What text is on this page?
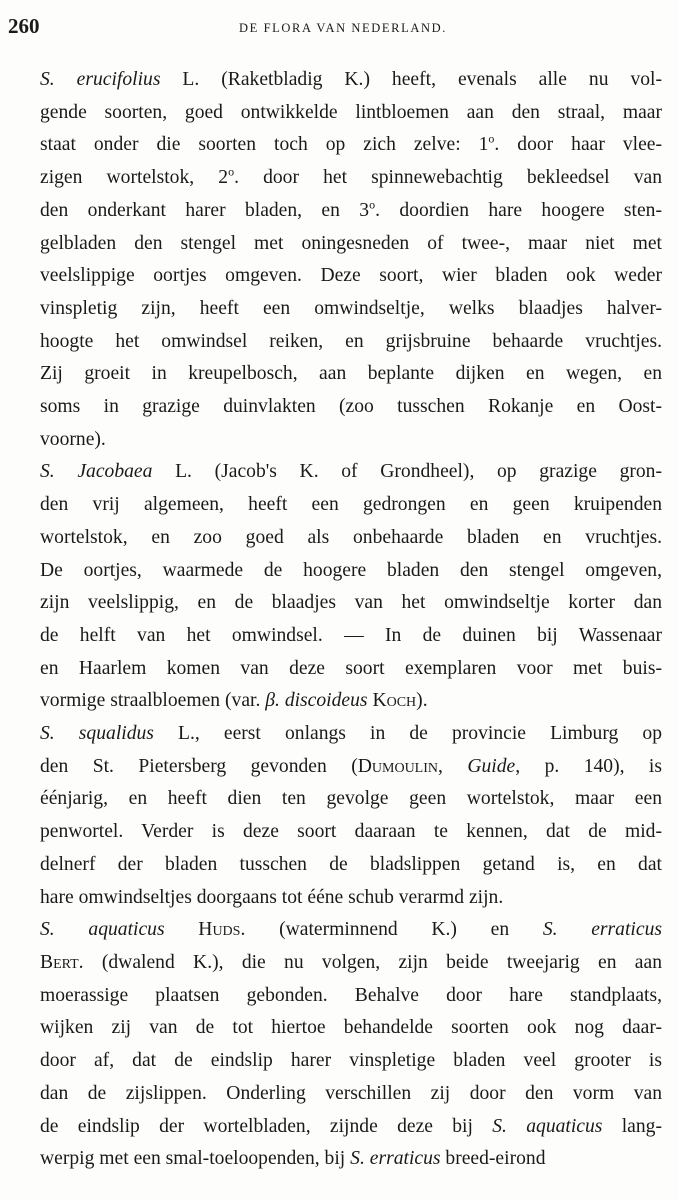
260	DE FLORA VAN NEDERLAND.

S. erucifolius L. (Raketbladig K.) heeft, evenals alle nu vol-
gende soorten, goed ontwikkelde lintbloemen aan den straal, maar
staat onder die soorten toch op zich zelve: 1$^o$. door haar vlee-
zigen wortelstok, 2$^o$. door het spinnewebachtig bekleedsel van
den onderkant harer bladen, en 3$^o$. doordien hare hoogere sten-
gelbladen den stengel met oningesneden of twee-, maar niet met
veelslippige oortjes omgeven. Deze soort, wier bladen ook weder
vinspletig zijn, heeft een omwindseltje, welks blaadjes halver-
hoogte het omwindsel reiken, en grijsbruine behaarde vruchtjes.
Zij groeit in kreupelbosch, aan beplante dijken en wegen, en
soms in grazige duinvlakten (zoo tusschen Rokanje en Oost-
voorne).

S. Jacobaea L. (Jacob's K. of Grondheel), op grazige gron-
den vrij algemeen, heeft een gedrongen en geen kruipenden
wortelstok, en zoo goed als onbehaarde bladen en vruchtjes.
De oortjes, waarmede de hoogere bladen den stengel omgeven,
zijn veelslippig, en de blaadjes van het omwindseltje korter dan
de helft van het omwindsel. — In de duinen bij Wassenaar
en Haarlem komen van deze soort exemplaren voor met buis-
vormige straalbloemen (var. β. discoideus Koch).

S. squalidus L., eerst onlangs in de provincie Limburg op
den St. Pietersberg gevonden (Dumoulin, Guide, p. 140), is
éénjarig, en heeft dien ten gevolge geen wortelstok, maar een
penwortel. Verder is deze soort daaraan te kennen, dat de mid-
delnerf der bladen tusschen de bladslippen getand is, en dat
hare omwindseltjes doorgaans tot ééne schub verarmd zijn.

S. aquaticus Huds. (waterminnend K.) en S. erraticus
Bert. (dwalend K.), die nu volgen, zijn beide tweejarig en aan
moerassige plaatsen gebonden. Behalve door hare standplaats,
wijken zij van de tot hiertoe behandelde soorten ook nog daar-
door af, dat de eindslip harer vinspletige bladen veel grooter is
dan de zijslippen. Onderling verschillen zij door den vorm van
de eindslip der wortelbladen, zijnde deze bij S. aquaticus lang-
werpig met een smal-toeloopenden, bij S. erraticus breed-eirond
